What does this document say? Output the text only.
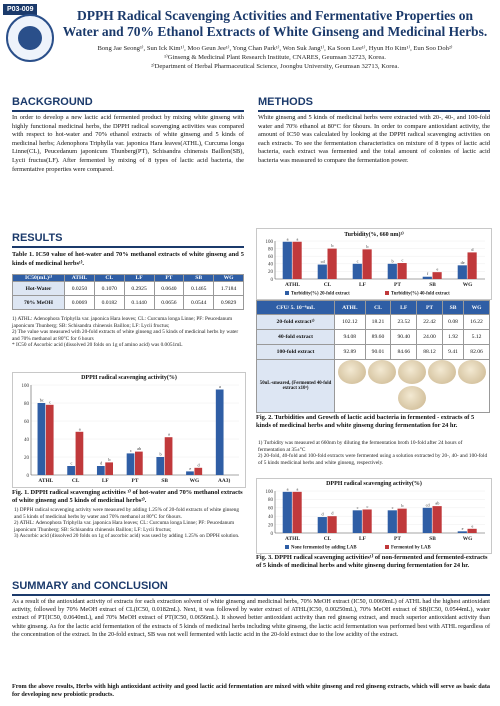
P03-009	DPPH Radical Scavenging Activities and Fermentative Properties on Water and 70% Ethanol Extracts of White Ginseng and Medicinal Herbs.
Bong Jae Seong¹⁾, Sun Ick Kim¹⁾, Moo Geun Jee¹⁾, Yong Chan Park¹⁾, Won Suk Jang¹⁾, Ka Soon Lee¹⁾, Hyun Ho Kim¹⁾, Eun Soo Doh²⁾
¹⁾Ginseng & Medicinal Plant Research Institute, CNARES, Geumsan 32723, Korea.
²⁾Department of Herbal Pharmaceutical Science, Joongbu University, Geumsan 32713, Korea.
BACKGROUND
In order to develop a new lactic acid fermented product by mixing white ginseng with highly functional medicinal herbs, the DPPH radical scavenging activities was compared with respect to hot-water and 70% ethanol extracts of white ginseng and 5 kinds of medicinal herbs; Adenophora Triphylla var. japonica Hara leaves(ATHL), Curcuma longa Linne(CL), Peucedanum japonicum Thunberg(PT), Schisandra chinensis Baillon(SB), Lycii fructus(LF). After fermented by mixing of 8 types of lactic acid bacteria, the fermentative properties were compared.
METHODS
White ginseng and 5 kinds of medicinal herbs were extracted with 20-, 40-, and 100-fold water and 70% ethanol at 80°C for 6hours. In order to compare antioxidant activity, the amount of IC50 was calculated by looking at the DPPH radical scavenging activities on each extracts. To see the fermentation characteristics on mixture of 8 types of lactic acid bacteria, each extract was fermented and the total amount of colonies of lactic acid bacteria was measured to compare the fermentation power.
RESULTS
Table 1. IC50 value of hot-water and 70% methanol extracts of white ginseng and 5 kinds of medicinal herbs¹⁾.
IC50(mL)²⁾	ATHL	CL	LF	PT	SB	WG
Hot-Water	0.0250	0.1070	0.2925	0.0640	0.1465	1.7184
70% MeOH	0.0069	0.0182	0.1440	0.0656	0.0544	0.9829
1) ATHL: Adenophora Triphylla var. japonica Hara leaves; CL: Curcuma longa Linne; PF: Peucedanum japonicum Thunberg; SB: Schisandra chinensis Baillon; LF: Lycii fructus;
2) The value was measured with 20-fold extracts of white ginseng and 5 kinds of medicinal herbs by water and 70% methanol at 80°C for 6 hours
* IC50 of Ascorbic acid (dissolved 20 folds on 1g of amino acid) was 0.0051mL
DPPH radical scavenging activity(%)
0
20
40
60
80
100
bc c
ATHL
c
a
CL
d
b
LF
c ab
PT
b
a
SB
e
d
WG
a
AA3)
Fig. 1. DPPH radical scavenging activities ¹⁾ of hot-water and 70% methanol extracts of white ginseng and 5 kinds of medicinal herbs²⁾.
1) DPPH radical scavenging activity were measured by adding 1.25% of 20-fold extracts of white ginseng and 5 kinds of medicinal herbs by water and 70% methanol at 80°C for 6hours.
2) ATHL: Adenophora Triphylla var. japonica Hara leaves; CL: Curcuma longa Linne; PF: Peucedanum japonicum Thunberg; SB: Schisandra chinensis Baillon; LF: Lycii fructus;
3) Ascorbic acid (dissolved 20 folds on 1g of ascorbic acid) was used by adding 1.25% on DPPH solution.
Turbidity(%, 660 nm)¹⁾
0
20
40
60
80
100
a a
ATHL
cd
b
CL
c
b
LF
b c
PT
f
e
SB
de
d
WG
Turbidity(%) 20-fold extract	Turbidity(%) 40-fold extract
CFU/ 5. 10⁻⁸mL	ATHL	CL	LF	PT	SB	WG
20-fold extract²⁾	102.12	18.21	23.52	22.42	0.08	16.22
40-fold extract	94.08	89.60	90.40	24.00	1.92	5.12
100-fold extract	92.89	90.01	84.66	88.12	9.41	82.06
50uL-smeared, (Fermented 40-fold extract x10³)						
Fig. 2. Turbidities and Growth of lactic acid bacteria in fermented - extracts of 5 kinds of medicinal herbs and white ginseng during fermentation for 24 hr.
1) Turbidity was measured at 660nm by diluting the fermentation broth 10-fold after 24 hours of fermentation at 35±°C
2) 20-fold, 40-fold and 100-fold extracts were fermented using a solution extracted by 20-, 40- and 100-fold of 5 kinds medicinal herbs and white ginseng, respectively.
DPPH radical scavenging activity(%)
0
20
40
60
80
100
a a
ATHL
d d
CL
c c
LF
c b
PT
cd ab
SB
e
e
WG
None fermented by adding LAB	Fermented by LAB
Fig. 3. DPPH radical scavenging activities¹⁾ of non-fermented and fermented-extracts of 5 kinds of medicinal herbs and white ginseng during fermentation for 24 hr.
SUMMARY and CONCLUSION
As a result of the antioxidant activity of extracts for each extraction solvent of white ginseng and medicinal herbs, 70% MeOH extract (IC50, 0.0069mL) of ATHL had the highest antioxidant activity, followed by 70% MeOH extract of CL(IC50, 0.0182mL). Next, it was followed by water extract of ATHL(IC50, 0.00250mL), 70% MeOH extract of SB(IC50, 0.0544mL), water extract of PT(IC50, 0.0640mL), and 70% MeOH extract of PT(IC50, 0.0656mL). It showed better antioxidant activity than red ginseng extract, and much superior antioxidant activity than white ginseng. As for the lactic acid fermentation of the extracts of 5 kinds of medicinal herbs including white ginseng, the lactic acid fermentation was performed best with ATHL regardless of the concentration of the extract. In the 20-fold extract, SB was not well fermented with lactic acid in the 20-fold extract due to the low acidity of the extract.
From the above results, Herbs with high antioxidant activity and good lactic acid fermentation are mixed with white ginseng and red ginseng extracts, which will serve as basic data for developing new probiotic products.
